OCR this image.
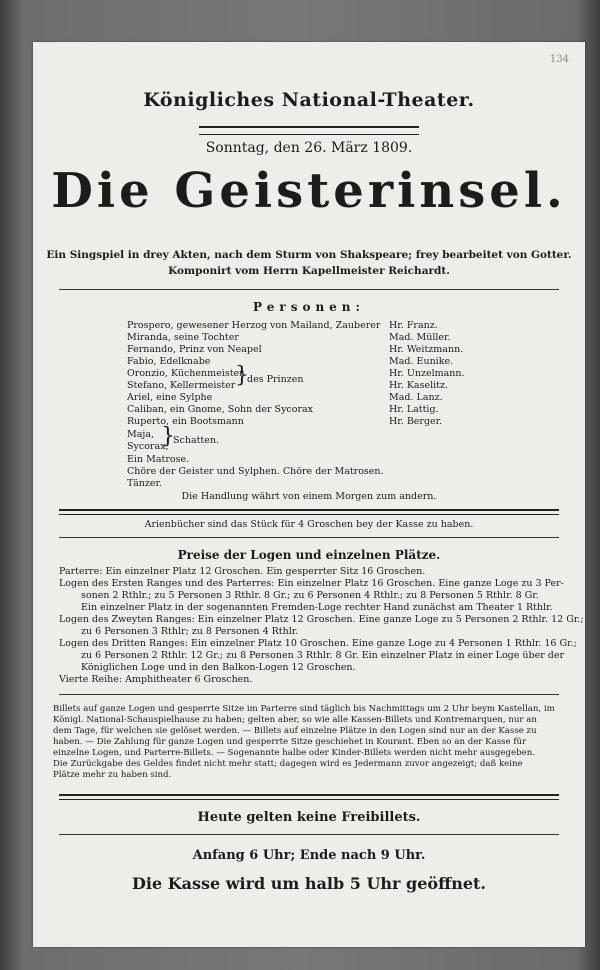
134
Königliches National-Theater.
Sonntag, den 26. März 1809.
Die Geisterinsel.
Ein Singspiel in drey Akten, nach dem Sturm von Shakspeare; frey bearbeitet von Gotter.
Komponirt vom Herrn Kapellmeister Reichardt.
Personen:
Prospero, gewesener Herzog von Mailand, Zauberer Hr. Franz.
Miranda, seine Tochter	Mad. Müller.
Fernando, Prinz von Neapel	Hr. Weitzmann.
Fabio, Edelknabe	Mad. Eunike.
Oronzio, Küchenmeister	Hr. Unzelmann.
Stefano, Kellermeister	Hr. Kaselitz.
}
des Prinzen
Ariel, eine Sylphe	Mad. Lanz.
Caliban, ein Gnome, Sohn der Sycorax	Hr. Lattig.
Ruperto, ein Bootsmann	Hr. Berger.
Maja,
Sycorax,
}
Schatten.
Ein Matrose.
Chöre der Geister und Sylphen. Chöre der Matrosen.
Tänzer.
Die Handlung währt von einem Morgen zum andern.
Arienbücher sind das Stück für 4 Groschen bey der Kasse zu haben.
Preise der Logen und einzelnen Plätze.
Parterre: Ein einzelner Platz 12 Groschen. Ein gesperrter Sitz 16 Groschen.
Logen des Ersten Ranges und des Parterres: Ein einzelner Platz 16 Groschen. Eine ganze Loge zu 3 Per-
sonen 2 Rthlr.; zu 5 Personen 3 Rthlr. 8 Gr.; zu 6 Personen 4 Rthlr.; zu 8 Personen 5 Rthlr. 8 Gr.
Ein einzelner Platz in der sogenannten Fremden-Loge rechter Hand zunächst am Theater 1 Rthlr.
Logen des Zweyten Ranges: Ein einzelner Platz 12 Groschen. Eine ganze Loge zu 5 Personen 2 Rthlr. 12 Gr.;
zu 6 Personen 3 Rthlr; zu 8 Personen 4 Rthlr.
Logen des Dritten Ranges: Ein einzelner Platz 10 Groschen. Eine ganze Loge zu 4 Personen 1 Rthlr. 16 Gr.;
zu 6 Personen 2 Rthlr. 12 Gr.; zu 8 Personen 3 Rthlr. 8 Gr. Ein einzelner Platz in einer Loge über der
Königlichen Loge und in den Balkon-Logen 12 Groschen.
Vierte Reihe: Amphitheater 6 Groschen.
Billets auf ganze Logen und gesperrte Sitze im Parterre sind täglich bis Nachmittags um 2 Uhr beym Kastellan, im
Königl. National-Schauspielhause zu haben; gelten aber, so wie alle Kassen-Billets und Kontremarquen, nur an
dem Tage, für welchen sie gelöset werden. — Billets auf einzelne Plätze in den Logen sind nur an der Kasse zu
haben. — Die Zahlung für ganze Logen und gesperrte Sitze geschiehet in Kourant. Eben so an der Kasse für
einzelne Logen, und Parterre-Billets. — Sogenannte halbe oder Kinder-Billets werden nicht mehr ausgegeben.
Die Zurückgabe des Geldes findet nicht mehr statt; dagegen wird es Jedermann zuvor angezeigt; daß keine
Plätze mehr zu haben sind.
Heute gelten keine Freibillets.
Anfang 6 Uhr; Ende nach 9 Uhr.
Die Kasse wird um halb 5 Uhr geöffnet.
